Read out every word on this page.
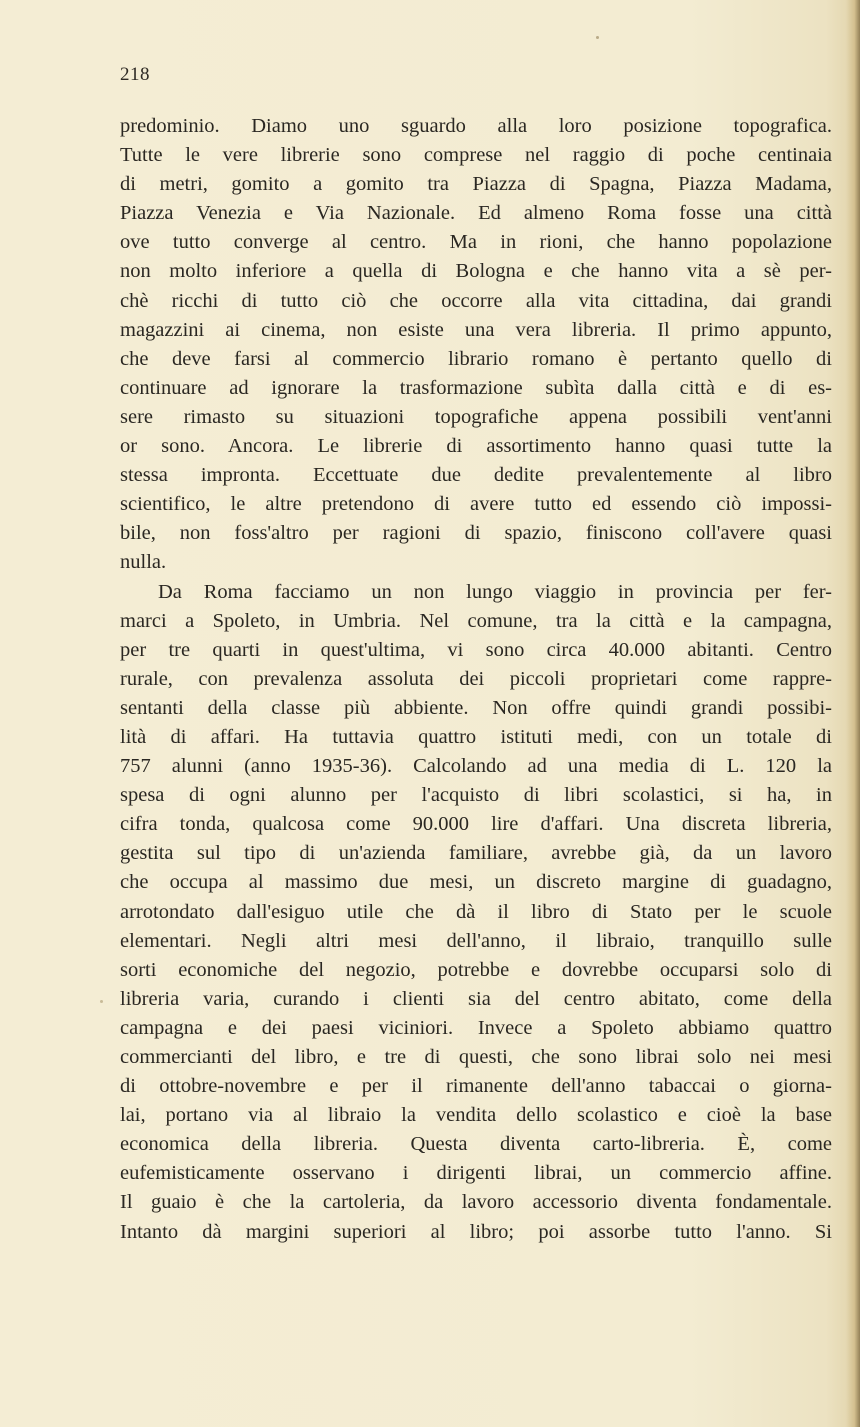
218
predominio. Diamo uno sguardo alla loro posizione topografica.
Tutte le vere librerie sono comprese nel raggio di poche centinaia
di metri, gomito a gomito tra Piazza di Spagna, Piazza Madama,
Piazza Venezia e Via Nazionale. Ed almeno Roma fosse una città
ove tutto converge al centro. Ma in rioni, che hanno popolazione
non molto inferiore a quella di Bologna e che hanno vita a sè per-
chè ricchi di tutto ciò che occorre alla vita cittadina, dai grandi
magazzini ai cinema, non esiste una vera libreria. Il primo appunto,
che deve farsi al commercio librario romano è pertanto quello di
continuare ad ignorare la trasformazione subìta dalla città e di es-
sere rimasto su situazioni topografiche appena possibili vent'anni
or sono. Ancora. Le librerie di assortimento hanno quasi tutte la
stessa impronta. Eccettuate due dedite prevalentemente al libro
scientifico, le altre pretendono di avere tutto ed essendo ciò impossi-
bile, non foss'altro per ragioni di spazio, finiscono coll'avere quasi
nulla.
Da Roma facciamo un non lungo viaggio in provincia per fer-
marci a Spoleto, in Umbria. Nel comune, tra la città e la campagna,
per tre quarti in quest'ultima, vi sono circa 40.000 abitanti. Centro
rurale, con prevalenza assoluta dei piccoli proprietari come rappre-
sentanti della classe più abbiente. Non offre quindi grandi possibi-
lità di affari. Ha tuttavia quattro istituti medi, con un totale di
757 alunni (anno 1935-36). Calcolando ad una media di L. 120 la
spesa di ogni alunno per l'acquisto di libri scolastici, si ha, in
cifra tonda, qualcosa come 90.000 lire d'affari. Una discreta libreria,
gestita sul tipo di un'azienda familiare, avrebbe già, da un lavoro
che occupa al massimo due mesi, un discreto margine di guadagno,
arrotondato dall'esiguo utile che dà il libro di Stato per le scuole
elementari. Negli altri mesi dell'anno, il libraio, tranquillo sulle
sorti economiche del negozio, potrebbe e dovrebbe occuparsi solo di
libreria varia, curando i clienti sia del centro abitato, come della
campagna e dei paesi viciniori. Invece a Spoleto abbiamo quattro
commercianti del libro, e tre di questi, che sono librai solo nei mesi
di ottobre-novembre e per il rimanente dell'anno tabaccai o giorna-
lai, portano via al libraio la vendita dello scolastico e cioè la base
economica della libreria. Questa diventa carto-libreria. È, come
eufemisticamente osservano i dirigenti librai, un commercio affine.
Il guaio è che la cartoleria, da lavoro accessorio diventa fondamentale.
Intanto dà margini superiori al libro; poi assorbe tutto l'anno. Si
